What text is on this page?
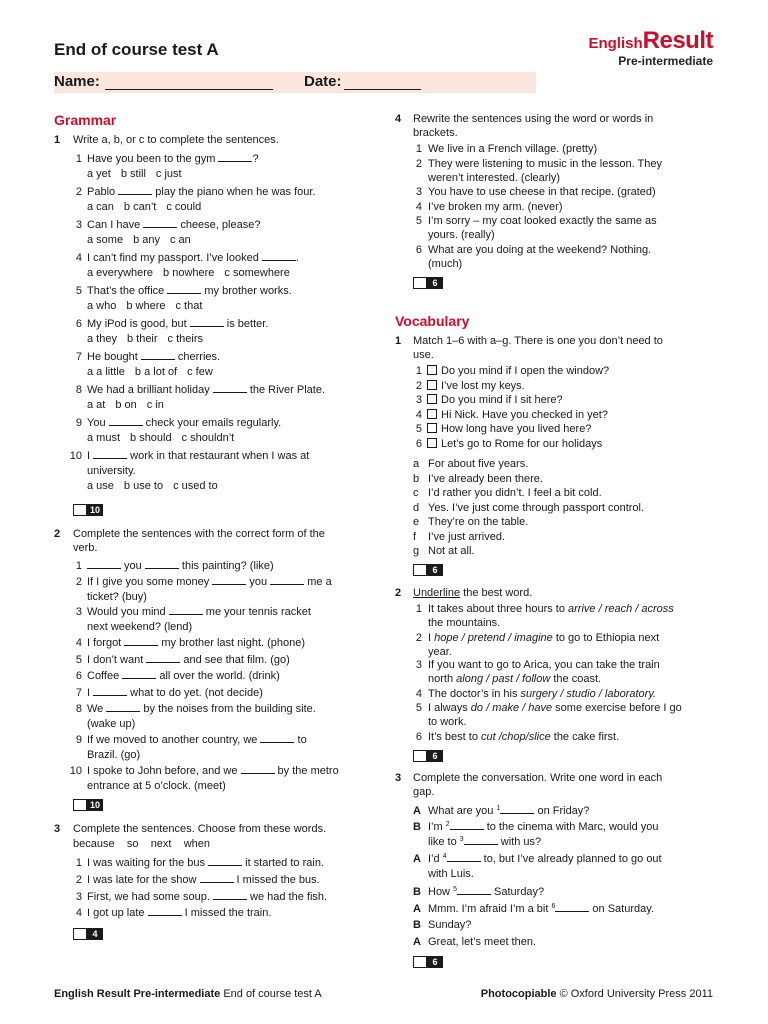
End of course test A	EnglishResult
Pre-intermediate
Name:	Date:
Grammar
1 Write a, b, or c to complete the sentences.
1 Have you been to the gym	?
a yet b still c just
2 Pablo	play the piano when he was four.
a can b can’t c could
3 Can I have	cheese, please?
a some b any c an
4 I can’t find my passport. I’ve looked	.
a everywhere b nowhere c somewhere
5 That’s the office	my brother works.
a who b where c that
6 My iPod is good, but	is better.
a they b their c theirs
7 He bought	cherries.
a a little b a lot of c few
8 We had a brilliant holiday	the River Plate.
a at b on c in
9 You	check your emails regularly.
a must b should c shouldn’t
10 I	work in that restaurant when I was at
university.
a use b use to c used to
10
2 Complete the sentences with the correct form of the
verb.
1	you	this painting? (like)
2 If I give you some money	you	me a
ticket? (buy)
3 Would you mind	me your tennis racket
next weekend? (lend)
4 I forgot	my brother last night. (phone)
5 I don’t want	and see that film. (go)
6 Coffee	all over the world. (drink)
7 I	what to do yet. (not decide)
8 We	by the noises from the building site.
(wake up)
9 If we moved to another country, we	to
Brazil. (go)
10 I spoke to John before, and we	by the metro
entrance at 5 o’clock. (meet)
10
3 Complete the sentences. Choose from these words.
because so next when
1 I was waiting for the bus	it started to rain.
2 I was late for the show	I missed the bus.
3 First, we had some soup.	we had the fish.
4 I got up late	I missed the train.
4
4 Rewrite the sentences using the word or words in
brackets.
1 We live in a French village. (pretty)
2 They were listening to music in the lesson. They
weren’t interested. (clearly)
3 You have to use cheese in that recipe. (grated)
4 I’ve broken my arm. (never)
5 I’m sorry – my coat looked exactly the same as
yours. (really)
6 What are you doing at the weekend? Nothing.
(much)
6
Vocabulary
1 Match 1–6 with a–g. There is one you don’t need to
use.
1	Do you mind if I open the window?
2	I’ve lost my keys.
3	Do you mind if I sit here?
4	Hi Nick. Have you checked in yet?
5	How long have you lived here?
6	Let’s go to Rome for our holidays
a For about five years.
b I’ve already been there.
c I’d rather you didn’t. I feel a bit cold.
d Yes. I’ve just come through passport control.
e They’re on the table.
f I’ve just arrived.
g Not at all.
6
2 Underline the best word.
1 It takes about three hours to arrive / reach / across
the mountains.
2 I hope / pretend / imagine to go to Ethiopia next
year.
3 If you want to go to Arica, you can take the train
north along / past / follow the coast.
4 The doctor’s in his surgery / studio / laboratory.
5 I always do / make / have some exercise before I go
to work.
6 It’s best to cut /chop/slice the cake first.
6
3 Complete the conversation. Write one word in each
gap.
A What are you $^1$	on Friday?
B I’m $^2$	to the cinema with Marc, would you
like to $^3$	with us?
A I’d $^4$	to, but I’ve already planned to go out
with Luis.
B How $^5$	Saturday?
A Mmm. I’m afraid I’m a bit $^6$	on Saturday.
B Sunday?
A Great, let’s meet then.
6
English Result Pre-intermediate End of course test A	Photocopiable © Oxford University Press 2011
